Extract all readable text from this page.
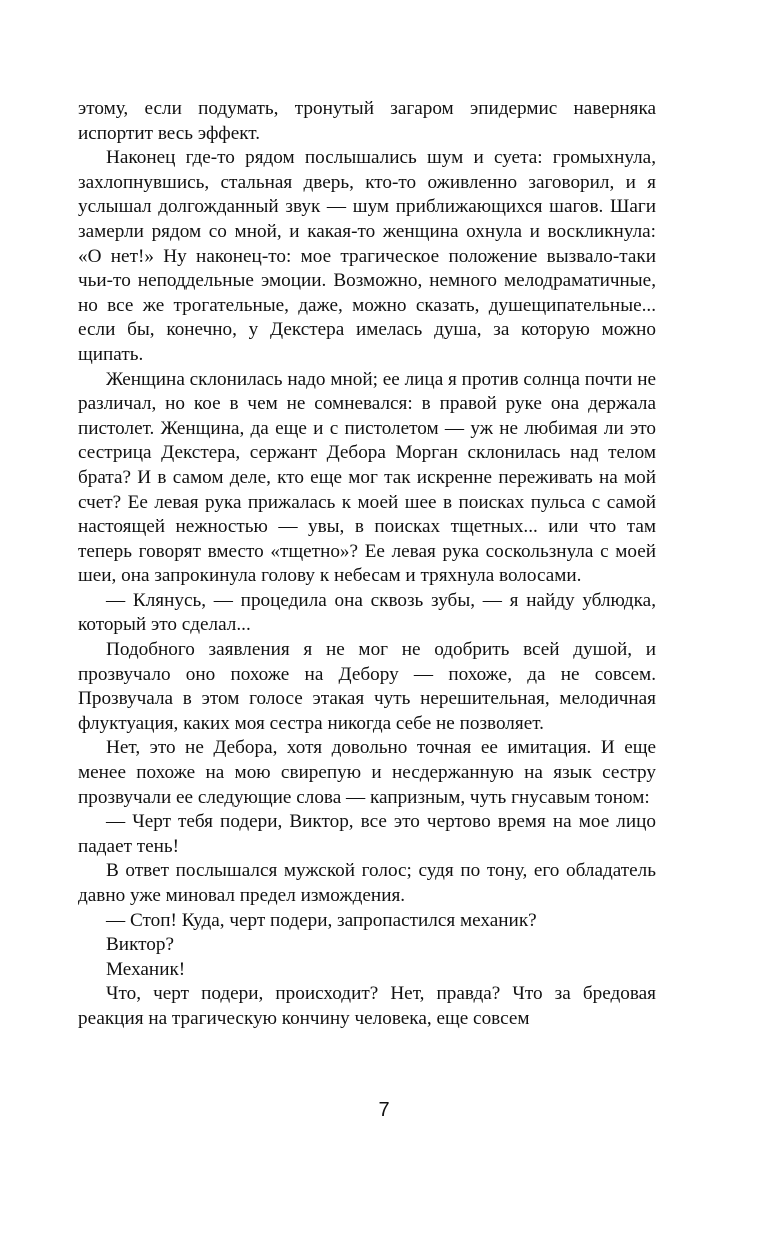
этому, если подумать, тронутый загаром эпидермис наверняка испортит весь эффект.

Наконец где-то рядом послышались шум и суета: громыхнула, захлопнувшись, стальная дверь, кто-то оживленно заговорил, и я услышал долгожданный звук — шум приближающихся шагов. Шаги замерли рядом со мной, и какая-то женщина охнула и воскликнула: «О нет!» Ну наконец-то: мое трагическое положение вызвало-таки чьи-то неподдельные эмоции. Возможно, немного мелодраматичные, но все же трогательные, даже, можно сказать, душещипательные... если бы, конечно, у Декстера имелась душа, за которую можно щипать.

Женщина склонилась надо мной; ее лица я против солнца почти не различал, но кое в чем не сомневался: в правой руке она держала пистолет. Женщина, да еще и с пистолетом — уж не любимая ли это сестрица Декстера, сержант Дебора Морган склонилась над телом брата? И в самом деле, кто еще мог так искренне переживать на мой счет? Ее левая рука прижалась к моей шее в поисках пульса с самой настоящей нежностью — увы, в поисках тщетных... или что там теперь говорят вместо «тщетно»? Ее левая рука соскользнула с моей шеи, она запрокинула голову к небесам и тряхнула волосами.

— Клянусь, — процедила она сквозь зубы, — я найду ублюдка, который это сделал...

Подобного заявления я не мог не одобрить всей душой, и прозвучало оно похоже на Дебору — похоже, да не совсем. Прозвучала в этом голосе этакая чуть нерешительная, мелодичная флуктуация, каких моя сестра никогда себе не позволяет.

Нет, это не Дебора, хотя довольно точная ее имитация. И еще менее похоже на мою свирепую и несдержанную на язык сестру прозвучали ее следующие слова — капризным, чуть гнусавым тоном:

— Черт тебя подери, Виктор, все это чертово время на мое лицо падает тень!

В ответ послышался мужской голос; судя по тону, его обладатель давно уже миновал предел измождения.

— Стоп! Куда, черт подери, запропастился механик?

Виктор?

Механик!

Что, черт подери, происходит? Нет, правда? Что за бредовая реакция на трагическую кончину человека, еще совсем

7
